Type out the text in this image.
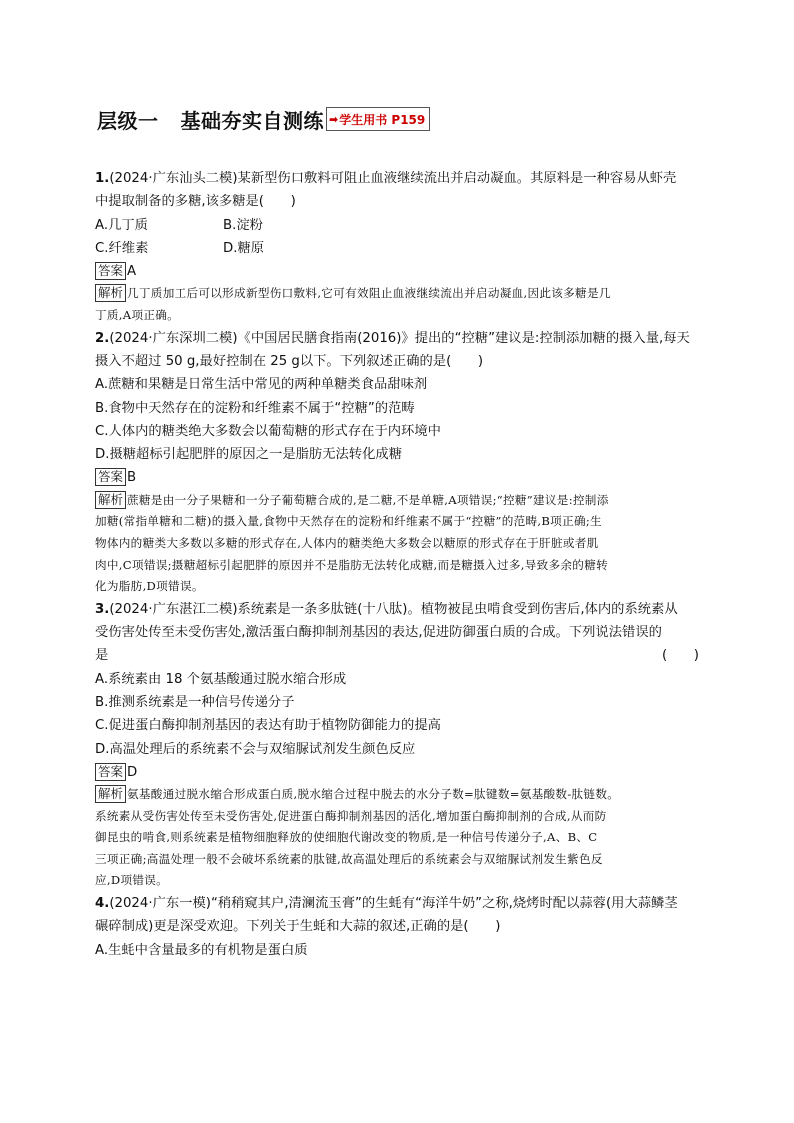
层级一 基础夯实自测练 ➡ 学生用书 P159
1.(2024·广东汕头二模)某新型伤口敷料可阻止血液继续流出并启动凝血。其原料是一种容易从虾壳
中提取制备的多糖,该多糖是(　　)
A.几丁质	B.淀粉
C.纤维素	D.糖原
答案 A
解析 几丁质加工后可以形成新型伤口敷料,它可有效阻止血液继续流出并启动凝血,因此该多糖是几
丁质,A项正确。
2.(2024·广东深圳二模)《中国居民膳食指南(2016)》提出的“控糖”建议是:控制添加糖的摄入量,每天
摄入不超过 50 g,最好控制在 25 g以下。下列叙述正确的是(　　)
A.蔗糖和果糖是日常生活中常见的两种单糖类食品甜味剂
B.食物中天然存在的淀粉和纤维素不属于“控糖”的范畴
C.人体内的糖类绝大多数会以葡萄糖的形式存在于内环境中
D.摄糖超标引起肥胖的原因之一是脂肪无法转化成糖
答案 B
解析 蔗糖是由一分子果糖和一分子葡萄糖合成的,是二糖,不是单糖,A项错误;“控糖”建议是:控制添
加糖(常指单糖和二糖)的摄入量,食物中天然存在的淀粉和纤维素不属于“控糖”的范畴,B项正确;生
物体内的糖类大多数以多糖的形式存在,人体内的糖类绝大多数会以糖原的形式存在于肝脏或者肌
肉中,C项错误;摄糖超标引起肥胖的原因并不是脂肪无法转化成糖,而是糖摄入过多,导致多余的糖转
化为脂肪,D项错误。
3.(2024·广东湛江二模)系统素是一条多肽链(十八肽)。植物被昆虫啃食受到伤害后,体内的系统素从
受伤害处传至未受伤害处,激活蛋白酶抑制剂基因的表达,促进防御蛋白质的合成。下列说法错误的
是	(　　)
A.系统素由 18 个氨基酸通过脱水缩合形成
B.推测系统素是一种信号传递分子
C.促进蛋白酶抑制剂基因的表达有助于植物防御能力的提高
D.高温处理后的系统素不会与双缩脲试剂发生颜色反应
答案 D
解析 氨基酸通过脱水缩合形成蛋白质,脱水缩合过程中脱去的水分子数=肽键数=氨基酸数-肽链数。
系统素从受伤害处传至未受伤害处,促进蛋白酶抑制剂基因的活化,增加蛋白酶抑制剂的合成,从而防
御昆虫的啃食,则系统素是植物细胞释放的使细胞代谢改变的物质,是一种信号传递分子,A、B、C
三项正确;高温处理一般不会破坏系统素的肽键,故高温处理后的系统素会与双缩脲试剂发生紫色反
应,D项错误。
4.(2024·广东一模)“稍稍窥其户,清澜流玉膏”的生蚝有“海洋牛奶”之称,烧烤时配以蒜蓉(用大蒜鳞茎
碾碎制成)更是深受欢迎。下列关于生蚝和大蒜的叙述,正确的是(　　)
A.生蚝中含量最多的有机物是蛋白质
